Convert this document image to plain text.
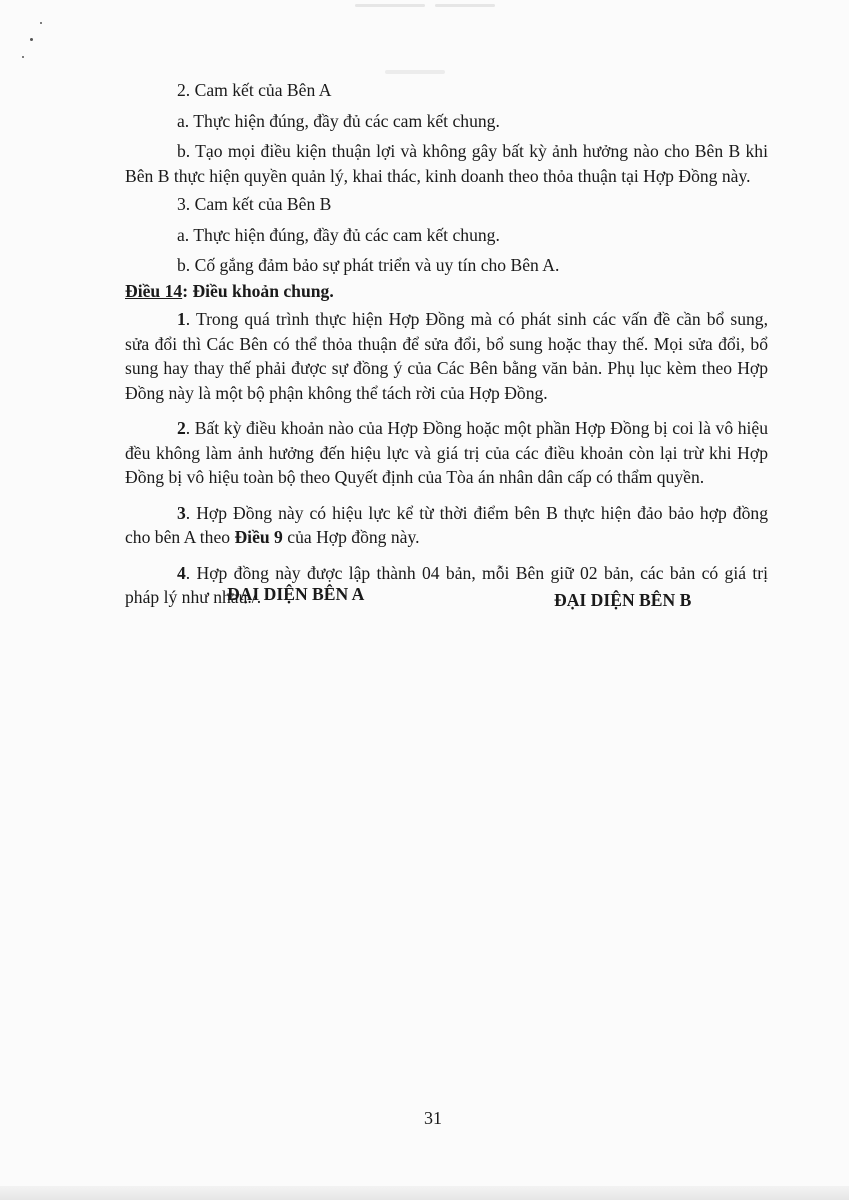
2. Cam kết của Bên A

a. Thực hiện đúng, đầy đủ các cam kết chung.

b. Tạo mọi điều kiện thuận lợi và không gây bất kỳ ảnh hưởng nào cho Bên B khi Bên B thực hiện quyền quản lý, khai thác, kinh doanh theo thỏa thuận tại Hợp Đồng này.

3. Cam kết của Bên B

a. Thực hiện đúng, đầy đủ các cam kết chung.

b. Cố gắng đảm bảo sự phát triển và uy tín cho Bên A.

Điều 14: Điều khoản chung.

1. Trong quá trình thực hiện Hợp Đồng mà có phát sinh các vấn đề cần bổ sung, sửa đổi thì Các Bên có thể thỏa thuận để sửa đổi, bổ sung hoặc thay thế. Mọi sửa đổi, bổ sung hay thay thế phải được sự đồng ý của Các Bên bằng văn bản. Phụ lục kèm theo Hợp Đồng này là một bộ phận không thể tách rời của Hợp Đồng.

2. Bất kỳ điều khoản nào của Hợp Đồng hoặc một phần Hợp Đồng bị coi là vô hiệu đều không làm ảnh hưởng đến hiệu lực và giá trị của các điều khoản còn lại trừ khi Hợp Đồng bị vô hiệu toàn bộ theo Quyết định của Tòa án nhân dân cấp có thẩm quyền.

3. Hợp Đồng này có hiệu lực kể từ thời điểm bên B thực hiện đảo bảo hợp đồng cho bên A theo Điều 9 của Hợp đồng này.

4. Hợp đồng này được lập thành 04 bản, mỗi Bên giữ 02 bản, các bản có giá trị pháp lý như nhau./.

ĐẠI DIỆN BÊN A	ĐẠI DIỆN BÊN B
31
